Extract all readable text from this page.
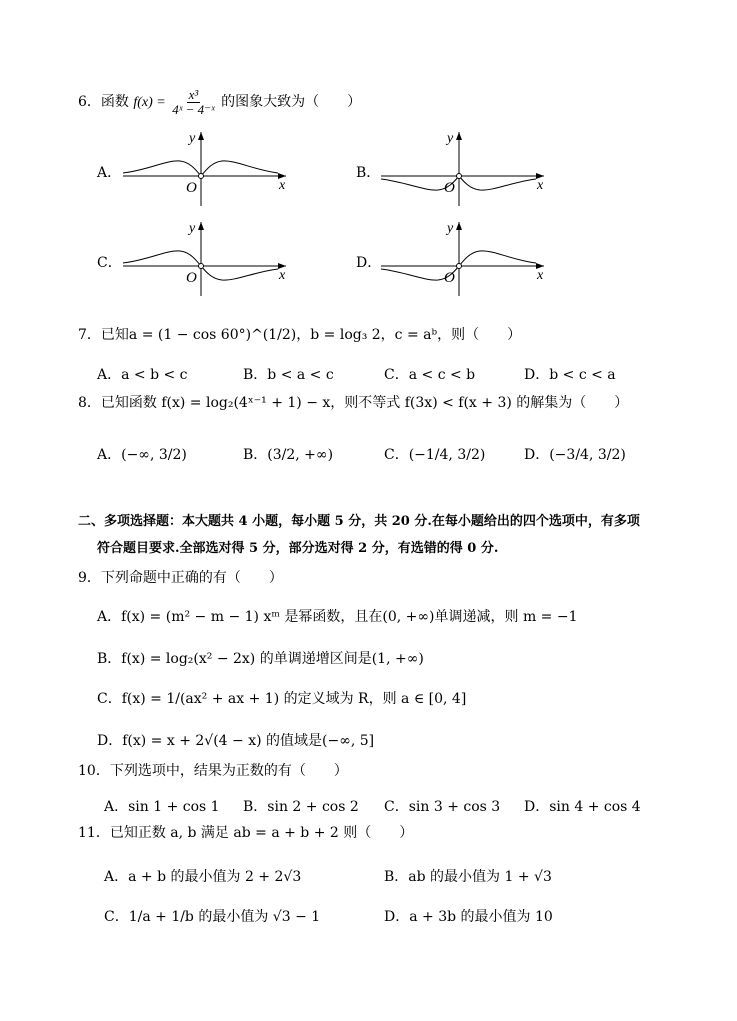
6．函数 $f(x) = \frac{\text{x³}}{\text{4ˣ − 4⁻ˣ}}$ 的图象大致为（　　）
A．	B．
C．	D．
y
O	x
y
O	x
y
O	x
y
O	x
7．已知a = (1 − cos 60°)^(1/2)，b = log₃ 2，c = aᵇ，则（　　）
A．a < b < c	B．b < a < c	C．a < c < b	D．b < c < a
8．已知函数 f(x) = log₂(4ˣ⁻¹ + 1) − x，则不等式 f(3x) < f(x + 3) 的解集为（　　）
A．(−∞, 3/2)	B．(3/2, +∞)	C．(−1/4, 3/2)	D．(−3/4, 3/2)
二、多项选择题：本大题共 4 小题，每小题 5 分，共 20 分.在每小题给出的四个选项中，有多项
符合题目要求.全部选对得 5 分，部分选对得 2 分，有选错的得 0 分.
9．下列命题中正确的有（　　）
A．f(x) = (m² − m − 1) xᵐ 是幂函数，且在(0, +∞)单调递减，则 m = −1
B．f(x) = log₂(x² − 2x) 的单调递增区间是(1, +∞)
C．f(x) = 1/(ax² + ax + 1) 的定义域为 R，则 a ∈ [0, 4]
D．f(x) = x + 2√(4 − x) 的值域是(−∞, 5]
10．下列选项中，结果为正数的有（　　）
A．sin 1 + cos 1 B．sin 2 + cos 2 C．sin 3 + cos 3 D．sin 4 + cos 4
11．已知正数 a, b 满足 ab = a + b + 2 则（　　）
A．a + b 的最小值为 2 + 2√3	B．ab 的最小值为 1 + √3
C．1/a + 1/b 的最小值为 √3 − 1	D．a + 3b 的最小值为 10
